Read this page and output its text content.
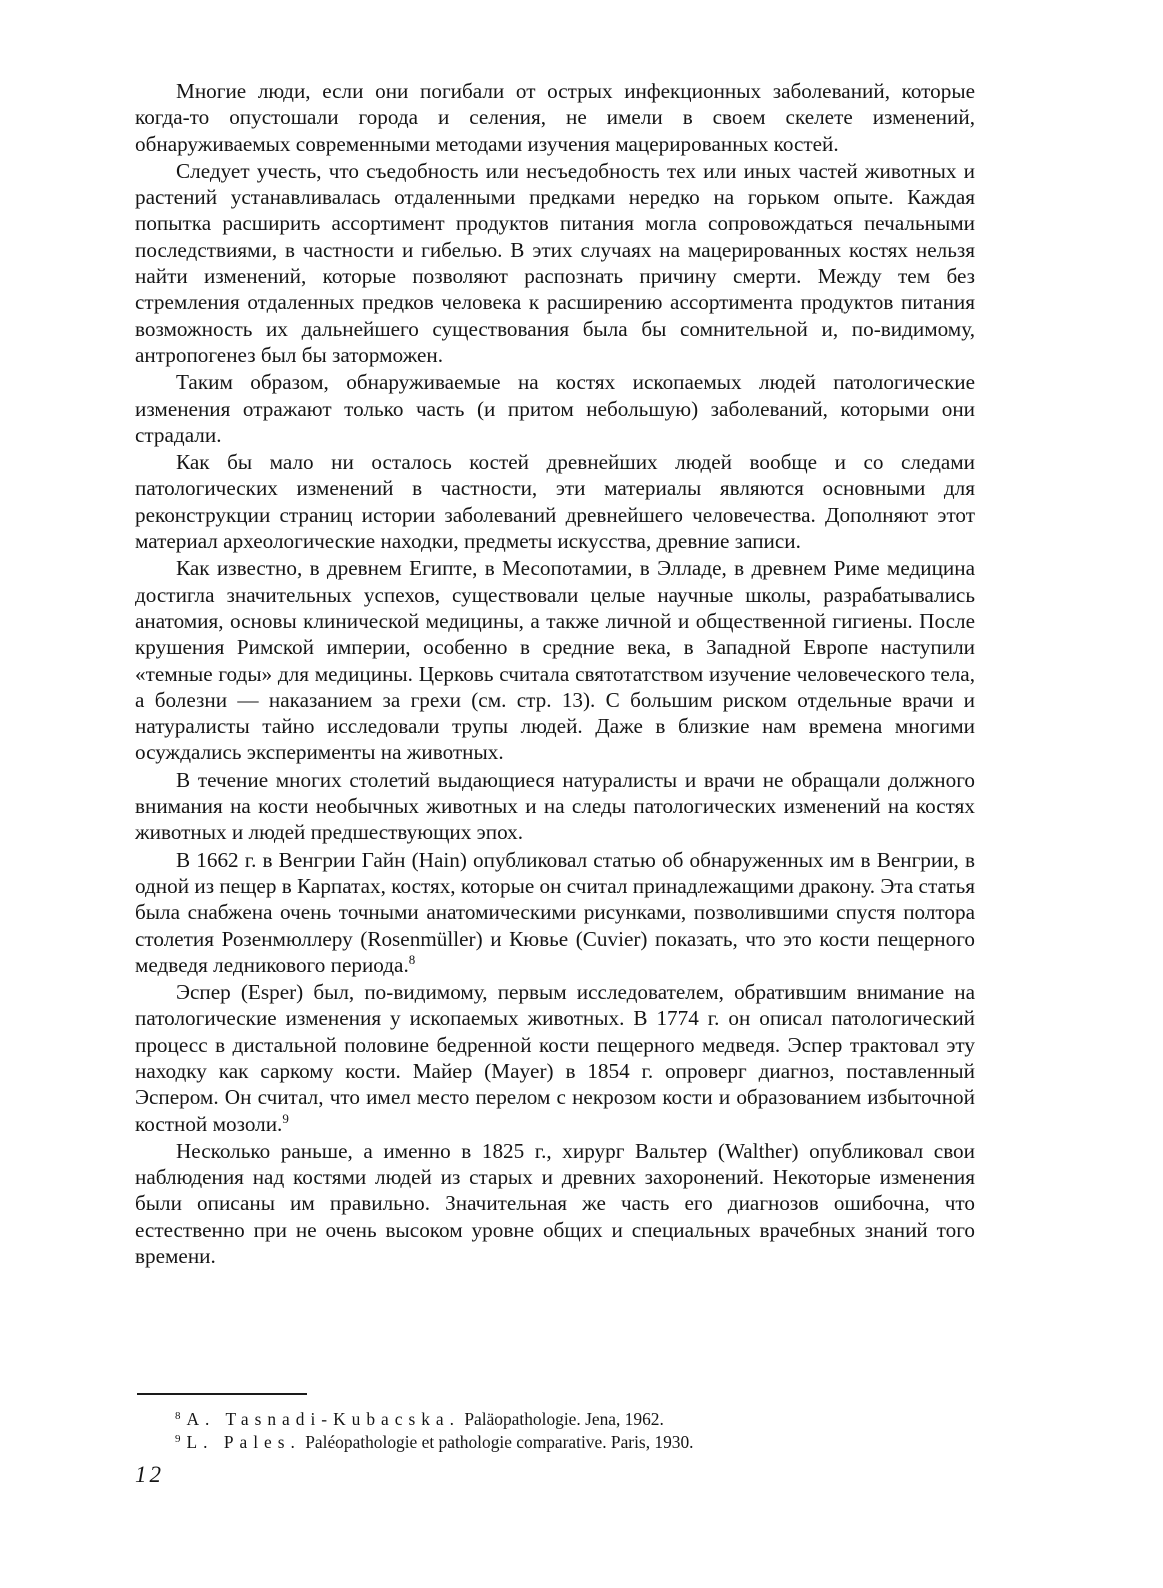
Многие люди, если они погибали от острых инфекционных заболеваний, которые когда-то опустошали города и селения, не имели в своем скелете изменений, обнаруживаемых современными методами изучения мацерированных костей.

Следует учесть, что съедобность или несъедобность тех или иных частей животных и растений устанавливалась отдаленными предками нередко на горьком опыте. Каждая попытка расширить ассортимент продуктов питания могла сопровождаться печальными последствиями, в частности и гибелью. В этих случаях на мацерированных костях нельзя найти изменений, которые позволяют распознать причину смерти. Между тем без стремления отдаленных предков человека к расширению ассортимента продуктов питания возможность их дальнейшего существования была бы сомнительной и, по-видимому, антропогенез был бы заторможен.

Таким образом, обнаруживаемые на костях ископаемых людей патологические изменения отражают только часть (и притом небольшую) заболеваний, которыми они страдали.

Как бы мало ни осталось костей древнейших людей вообще и со следами патологических изменений в частности, эти материалы являются основными для реконструкции страниц истории заболеваний древнейшего человечества. Дополняют этот материал археологические находки, предметы искусства, древние записи.

Как известно, в древнем Египте, в Месопотамии, в Элладе, в древнем Риме медицина достигла значительных успехов, существовали целые научные школы, разрабатывались анатомия, основы клинической медицины, а также личной и общественной гигиены. После крушения Римской империи, особенно в средние века, в Западной Европе наступили «темные годы» для медицины. Церковь считала святотатством изучение человеческого тела, а болезни — наказанием за грехи (см. стр. 13). С большим риском отдельные врачи и натуралисты тайно исследовали трупы людей. Даже в близкие нам времена многими осуждались эксперименты на животных.

В течение многих столетий выдающиеся натуралисты и врачи не обращали должного внимания на кости необычных животных и на следы патологических изменений на костях животных и людей предшествующих эпох.

В 1662 г. в Венгрии Гайн (Hain) опубликовал статью об обнаруженных им в Венгрии, в одной из пещер в Карпатах, костях, которые он считал принадлежащими дракону. Эта статья была снабжена очень точными анатомическими рисунками, позволившими спустя полтора столетия Розенмюллеру (Rosenmüller) и Кювье (Cuvier) показать, что это кости пещерного медведя ледникового периода.$^8$

Эспер (Esper) был, по-видимому, первым исследователем, обратившим внимание на патологические изменения у ископаемых животных. В 1774 г. он описал патологический процесс в дистальной половине бедренной кости пещерного медведя. Эспер трактовал эту находку как саркому кости. Майер (Mayer) в 1854 г. опроверг диагноз, поставленный Эспером. Он считал, что имел место перелом с некрозом кости и образованием избыточной костной мозоли.$^9$

Несколько раньше, а именно в 1825 г., хирург Вальтер (Walther) опубликовал свои наблюдения над костями людей из старых и древних захоронений. Некоторые изменения были описаны им правильно. Значительная же часть его диагнозов ошибочна, что естественно при не очень высоком уровне общих и специальных врачебных знаний того времени.

$^8$ A. Tasnadi-Kubacska. Paläopathologie. Jena, 1962.

$^9$ L. Pales. Paléopathologie et pathologie comparative. Paris, 1930.

12
